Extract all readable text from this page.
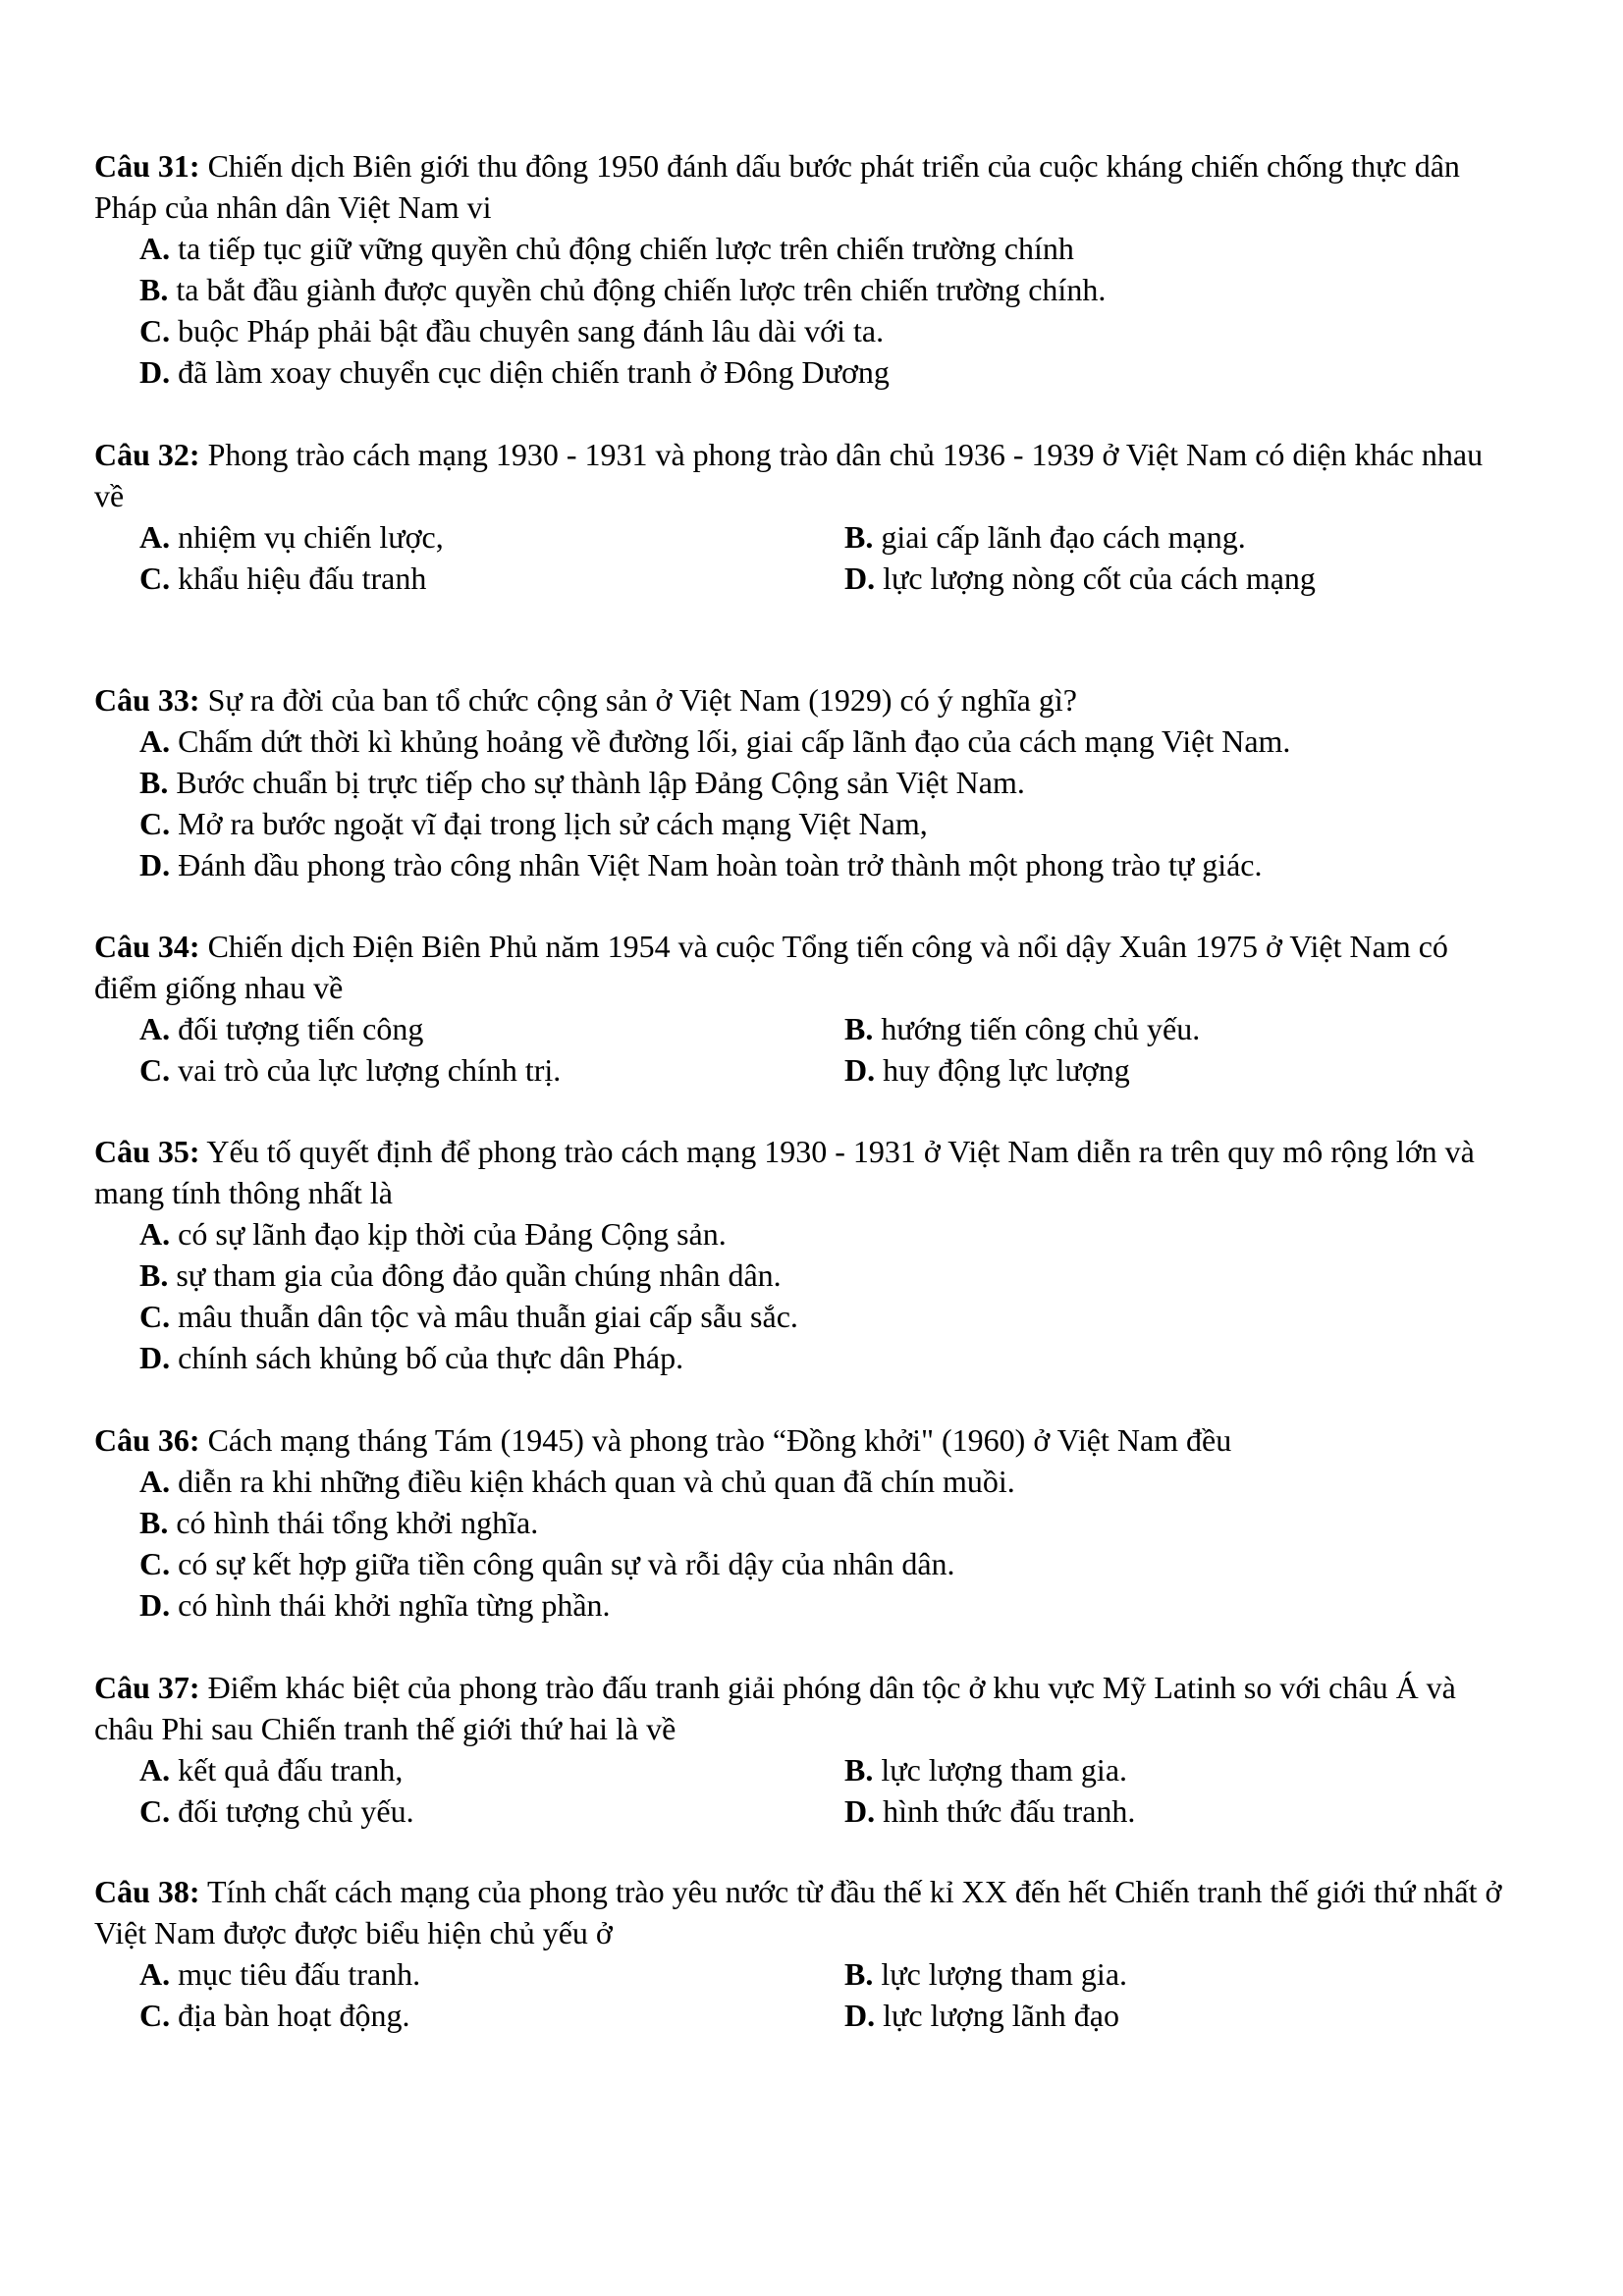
Câu 31: Chiến dịch Biên giới thu đông 1950 đánh dấu bước phát triển của cuộc kháng chiến chống thực dân Pháp của nhân dân Việt Nam vi

A. ta tiếp tục giữ vững quyền chủ động chiến lược trên chiến trường chính
B. ta bắt đầu giành được quyền chủ động chiến lược trên chiến trường chính.
C. buộc Pháp phải bật đầu chuyên sang đánh lâu dài với ta.
D. đã làm xoay chuyển cục diện chiến tranh ở Đông Dương

Câu 32: Phong trào cách mạng 1930 - 1931 và phong trào dân chủ 1936 - 1939 ở Việt Nam có diện khác nhau về

A. nhiệm vụ chiến lược,	B. giai cấp lãnh đạo cách mạng.
C. khẩu hiệu đấu tranh	D. lực lượng nòng cốt của cách mạng

Câu 33: Sự ra đời của ban tổ chức cộng sản ở Việt Nam (1929) có ý nghĩa gì?

A. Chấm dứt thời kì khủng hoảng về đường lối, giai cấp lãnh đạo của cách mạng Việt Nam.
B. Bước chuẩn bị trực tiếp cho sự thành lập Đảng Cộng sản Việt Nam.
C. Mở ra bước ngoặt vĩ đại trong lịch sử cách mạng Việt Nam,
D. Đánh dầu phong trào công nhân Việt Nam hoàn toàn trở thành một phong trào tự giác.

Câu 34: Chiến dịch Điện Biên Phủ năm 1954 và cuộc Tổng tiến công và nổi dậy Xuân 1975 ở Việt Nam có điểm giống nhau về

A. đối tượng tiến công	B. hướng tiến công chủ yếu.
C. vai trò của lực lượng chính trị.	D. huy động lực lượng

Câu 35: Yếu tố quyết định để phong trào cách mạng 1930 - 1931 ở Việt Nam diễn ra trên quy mô rộng lớn và mang tính thông nhất là

A. có sự lãnh đạo kịp thời của Đảng Cộng sản.
B. sự tham gia của đông đảo quần chúng nhân dân.
C. mâu thuẫn dân tộc và mâu thuẫn giai cấp sẫu sắc.
D. chính sách khủng bố của thực dân Pháp.

Câu 36: Cách mạng tháng Tám (1945) và phong trào “Đồng khởi" (1960) ở Việt Nam đều

A. diễn ra khi những điều kiện khách quan và chủ quan đã chín muồi.
B. có hình thái tổng khởi nghĩa.
C. có sự kết hợp giữa tiền công quân sự và rỗi dậy của nhân dân.
D. có hình thái khởi nghĩa từng phần.

Câu 37: Điểm khác biệt của phong trào đấu tranh giải phóng dân tộc ở khu vực Mỹ Latinh so với châu Á và châu Phi sau Chiến tranh thế giới thứ hai là về

A. kết quả đấu tranh,	B. lực lượng tham gia.
C. đối tượng chủ yếu.	D. hình thức đấu tranh.

Câu 38: Tính chất cách mạng của phong trào yêu nước từ đầu thế kỉ XX đến hết Chiến tranh thế giới thứ nhất ở Việt Nam được được biểu hiện chủ yếu ở

A. mục tiêu đấu tranh.	B. lực lượng tham gia.
C. địa bàn hoạt động.	D. lực lượng lãnh đạo
